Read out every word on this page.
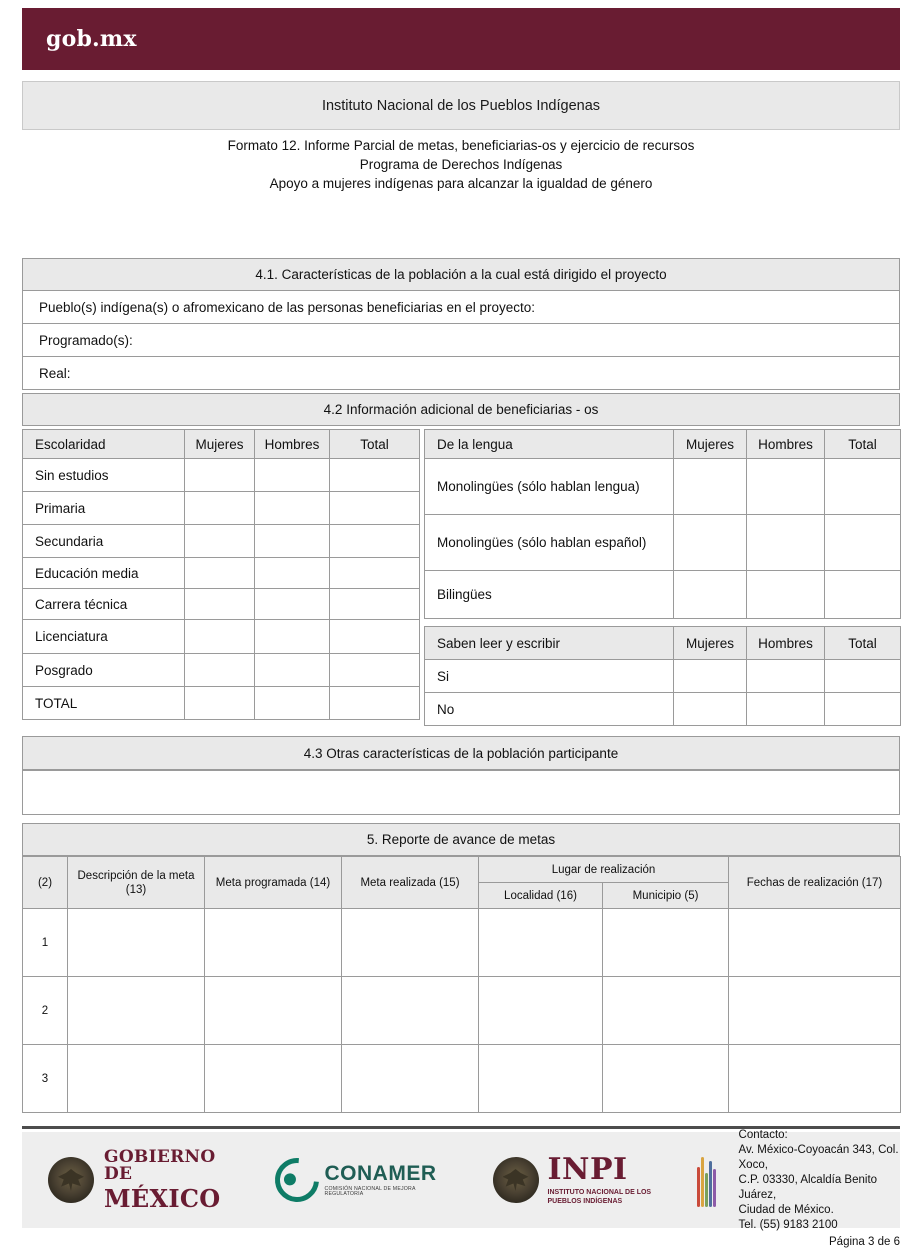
gob.mx
Instituto Nacional de los Pueblos Indígenas
Formato 12. Informe Parcial de metas, beneficiarias-os y ejercicio de recursos
Programa de Derechos Indígenas
Apoyo a mujeres indígenas para alcanzar la igualdad de género
4.1. Características de la población a la cual está dirigido el proyecto
Pueblo(s) indígena(s) o afromexicano de las personas beneficiarias en el proyecto:
Programado(s):
Real:
4.2 Información adicional de beneficiarias - os
Escolaridad	Mujeres	Hombres	Total
Sin estudios			
Primaria			
Secundaria			
Educación media			
Carrera técnica			
Licenciatura			
Posgrado			
TOTAL			
De la lengua	Mujeres	Hombres	Total
Monolingües (sólo hablan lengua)			
Monolingües (sólo hablan español)			
Bilingües			
Saben leer y escribir	Mujeres	Hombres	Total
Si			
No			
4.3 Otras características de la población participante
5. Reporte de avance de metas
(2)	Descripción de la meta (13)	Meta programada (14)	Meta realizada (15)	Lugar de realización		Fechas de realización (17)
				Localidad (16)	Municipio (5)	
1						
2						
3						
GOBIERNO DE
MÉXICO
CONAMER
COMISIÓN NACIONAL DE MEJORA REGULATORIA
INPI
INSTITUTO NACIONAL DE LOS PUEBLOS INDÍGENAS
Contacto:
Av. México-Coyoacán 343, Col. Xoco,
C.P. 03330, Alcaldía Benito Juárez,
Ciudad de México.
Tel. (55) 9183 2100
Página 3 de 6
